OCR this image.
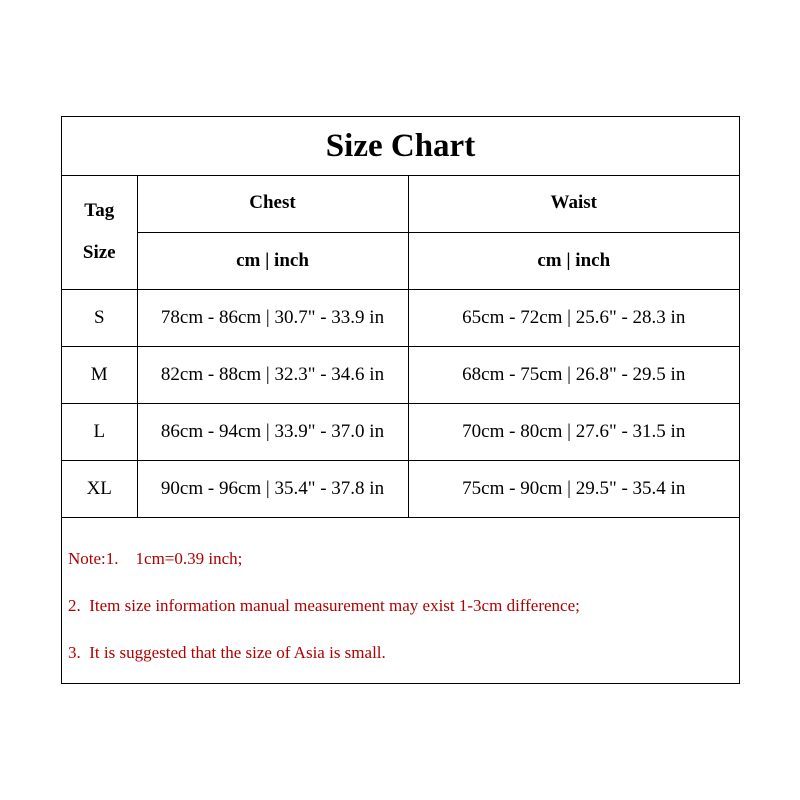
Size Chart
Tag
Size	Chest	Waist
	cm | inch	cm | inch
S	78cm - 86cm | 30.7" - 33.9 in	65cm - 72cm | 25.6" - 28.3 in
M	82cm - 88cm | 32.3" - 34.6 in	68cm - 75cm | 26.8" - 29.5 in
L	86cm - 94cm | 33.9" - 37.0 in	70cm - 80cm | 27.6" - 31.5 in
XL	90cm - 96cm | 35.4" - 37.8 in	75cm - 90cm | 29.5" - 35.4 in
Note:1.    1cm=0.39 inch;
2.  Item size information manual measurement may exist 1-3cm difference;
3.  It is suggested that the size of Asia is small.
